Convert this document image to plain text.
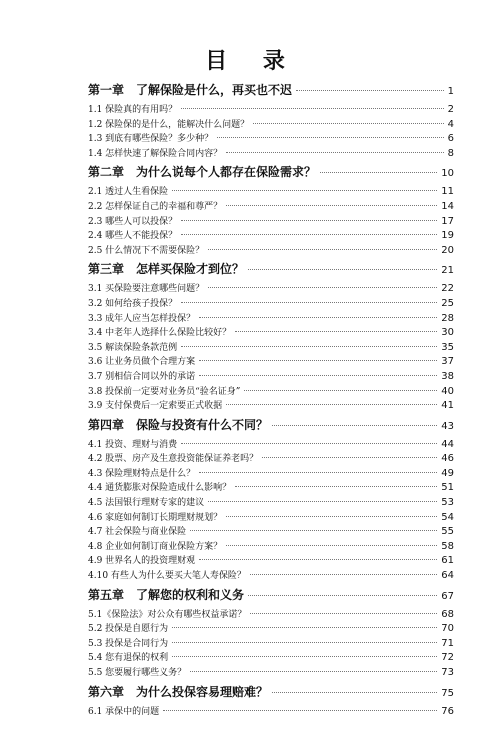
目 录
第一章　了解保险是什么，再买也不迟	1
1.1 保险真的有用吗？	2
1.2 保险保的是什么，能解决什么问题？	4
1.3 到底有哪些保险？多少种？	6
1.4 怎样快速了解保险合同内容？	8
第二章　为什么说每个人都存在保险需求？	10
2.1 透过人生看保险	11
2.2 怎样保证自己的幸福和尊严？	14
2.3 哪些人可以投保？	17
2.4 哪些人不能投保？	19
2.5 什么情况下不需要保险？	20
第三章　怎样买保险才到位？	21
3.1 买保险要注意哪些问题？	22
3.2 如何给孩子投保？	25
3.3 成年人应当怎样投保？	28
3.4 中老年人选择什么保险比较好？	30
3.5 解读保险条款范例	35
3.6 让业务员做个合理方案	37
3.7 别相信合同以外的承诺	38
3.8 投保前一定要对业务员“验名证身”	40
3.9 支付保费后一定索要正式收据	41
第四章　保险与投资有什么不同？	43
4.1 投资、理财与消费	44
4.2 股票、房产及生意投资能保证养老吗？	46
4.3 保险理财特点是什么？	49
4.4 通货膨胀对保险造成什么影响？	51
4.5 法国银行理财专家的建议	53
4.6 家庭如何制订长期理财规划？	54
4.7 社会保险与商业保险	55
4.8 企业如何制订商业保险方案？	58
4.9 世界名人的投资理财观	61
4.10 有些人为什么要买大笔人寿保险？	64
第五章　了解您的权利和义务	67
5.1《保险法》对公众有哪些权益承诺？	68
5.2 投保是自愿行为	70
5.3 投保是合同行为	71
5.4 您有退保的权利	72
5.5 您要履行哪些义务？	73
第六章　为什么投保容易理赔难？	75
6.1 承保中的问题	76
